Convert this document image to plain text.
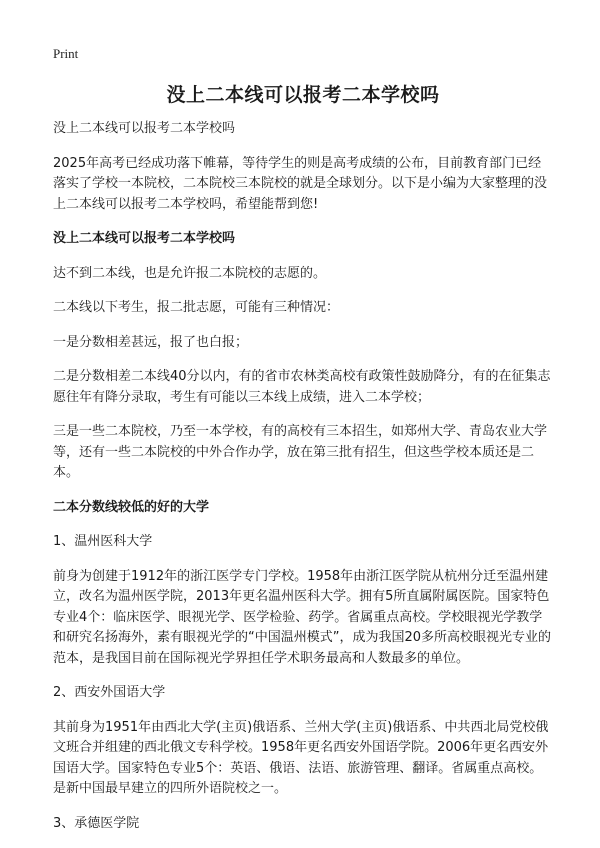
Print
没上二本线可以报考二本学校吗

没上二本线可以报考二本学校吗

2025年高考已经成功落下帷幕，等待学生的则是高考成绩的公布，目前教育部门已经落实了学校一本院校，二本院校三本院校的就是全球划分。以下是小编为大家整理的没上二本线可以报考二本学校吗，希望能帮到您!

没上二本线可以报考二本学校吗

达不到二本线，也是允许报二本院校的志愿的。

二本线以下考生，报二批志愿，可能有三种情况：

一是分数相差甚远，报了也白报；

二是分数相差二本线40分以内，有的省市农林类高校有政策性鼓励降分，有的在征集志愿往年有降分录取，考生有可能以三本线上成绩，进入二本学校；

三是一些二本院校，乃至一本学校，有的高校有三本招生，如郑州大学、青岛农业大学等，还有一些二本院校的中外合作办学，放在第三批有招生，但这些学校本质还是二本。

二本分数线较低的好的大学

1、温州医科大学

前身为创建于1912年的浙江医学专门学校。1958年由浙江医学院从杭州分迁至温州建立，改名为温州医学院，2013年更名温州医科大学。拥有5所直属附属医院。国家特色专业4个：临床医学、眼视光学、医学检验、药学。省属重点高校。学校眼视光学教学和研究名扬海外，素有眼视光学的“中国温州模式”，成为我国20多所高校眼视光专业的范本，是我国目前在国际视光学界担任学术职务最高和人数最多的单位。

2、西安外国语大学

其前身为1951年由西北大学(主页)俄语系、兰州大学(主页)俄语系、中共西北局党校俄文班合并组建的西北俄文专科学校。1958年更名西安外国语学院。2006年更名西安外国语大学。国家特色专业5个：英语、俄语、法语、旅游管理、翻译。省属重点高校。是新中国最早建立的四所外语院校之一。

3、承德医学院
